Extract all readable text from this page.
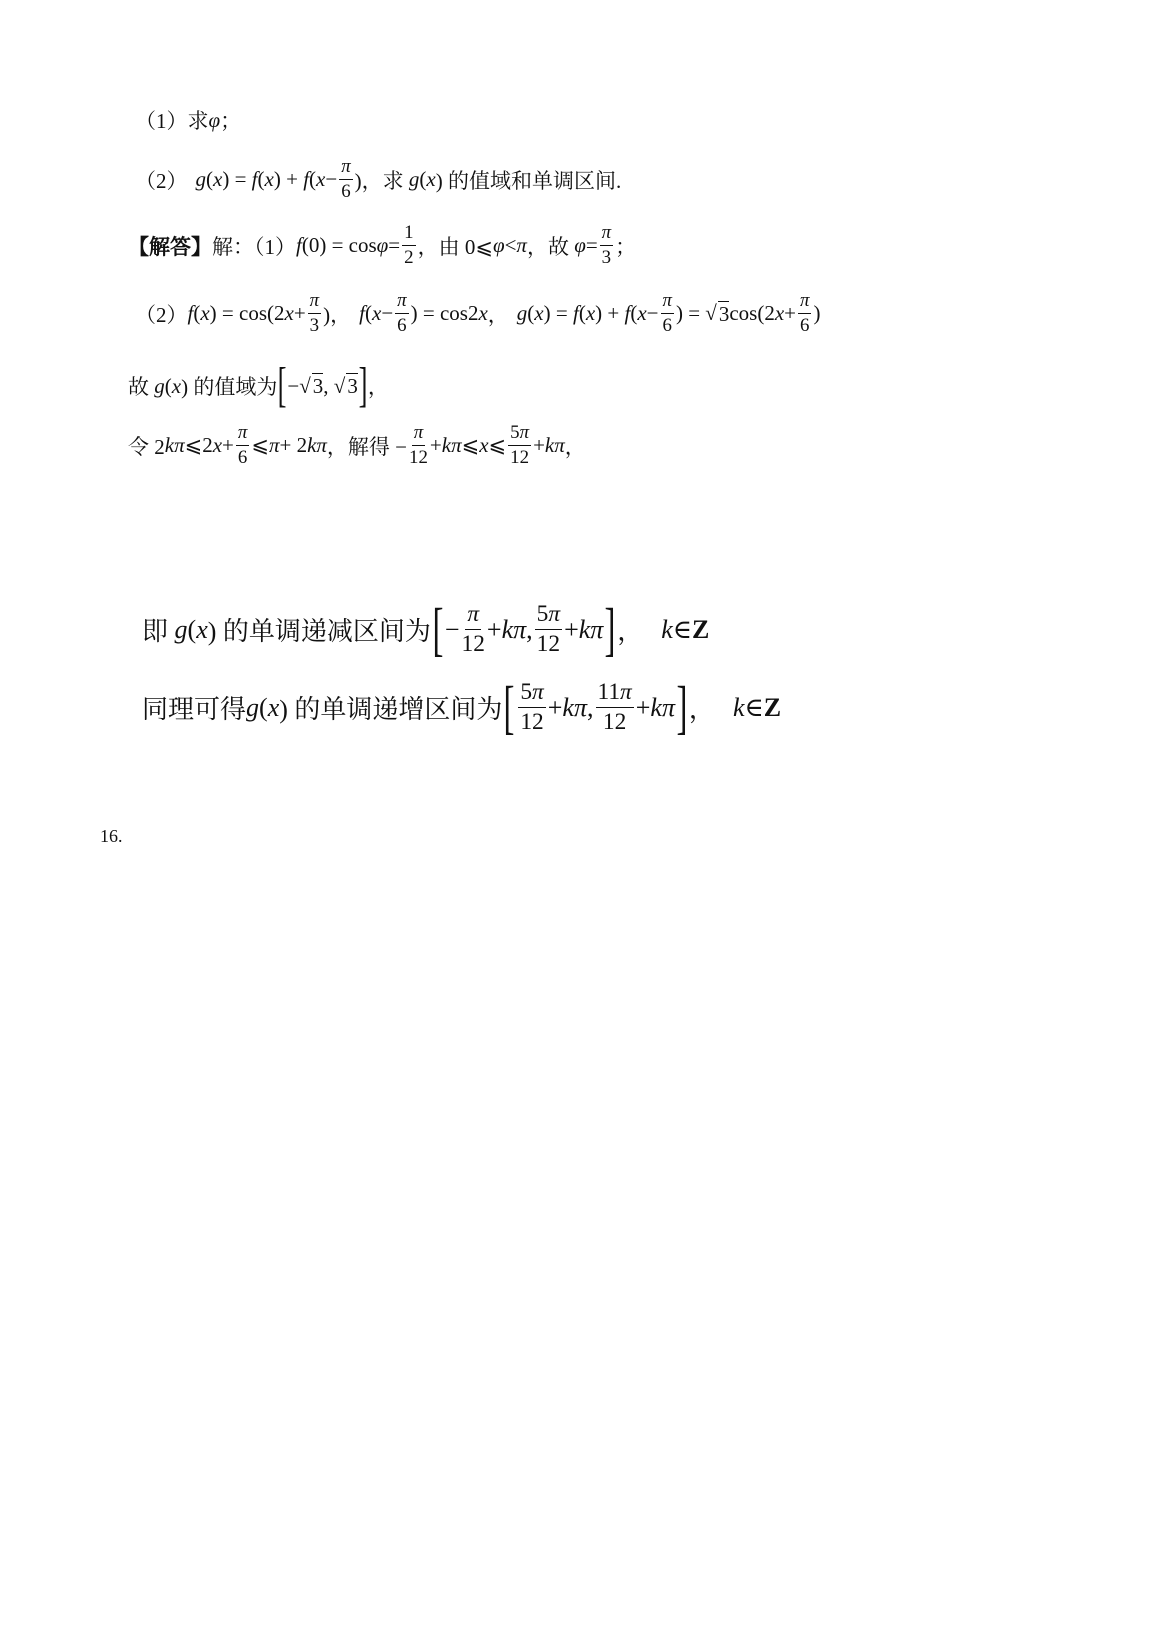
（1）求 φ ；
（2） g ( x ) = f ( x ) + f ( $x - \frac{\pi}{6}$ )，求 g ( x ) 的值域和单调区间.
【解答】 解：（1） f $(0) = \cos \varphi = \frac{1}{2}$ ，由 0⩽ φ < π ，故 $\varphi = \frac{\pi}{3}$ ；
（2） f ( x ) = cos(2 $x + \frac{\pi}{3}$ )， f ( $x - \frac{\pi}{6}$ ) = cos2 x ， g ( x ) = f ( x ) + f ( $x - \frac{\pi}{6}$ ) = √ 3 cos(2 $x + \frac{\pi}{6}$ )
故 g ( x ) 的值域为 [ −√ 3 , √ 3 ] ，
令 2 kπ ⩽2 $x + \frac{\pi}{6}$ ⩽ π + 2 kπ ，解得 − $\frac{\pi}{12} + k\pi$ ⩽ x ⩽ $\frac{5\pi}{12} + k\pi$ ，
即 g ( x ) 的单调递减区间为 [ − $\frac{\pi}{12} + k\pi$ , $\frac{5\pi}{12} + k\pi$ ] ， k ∈ Z
同理可得 g ( x ) 的单调递增区间为 [ $\frac{5\pi}{12} + k\pi$ , $\frac{11\pi}{12} + k\pi$ ] ， k ∈ Z
16.
